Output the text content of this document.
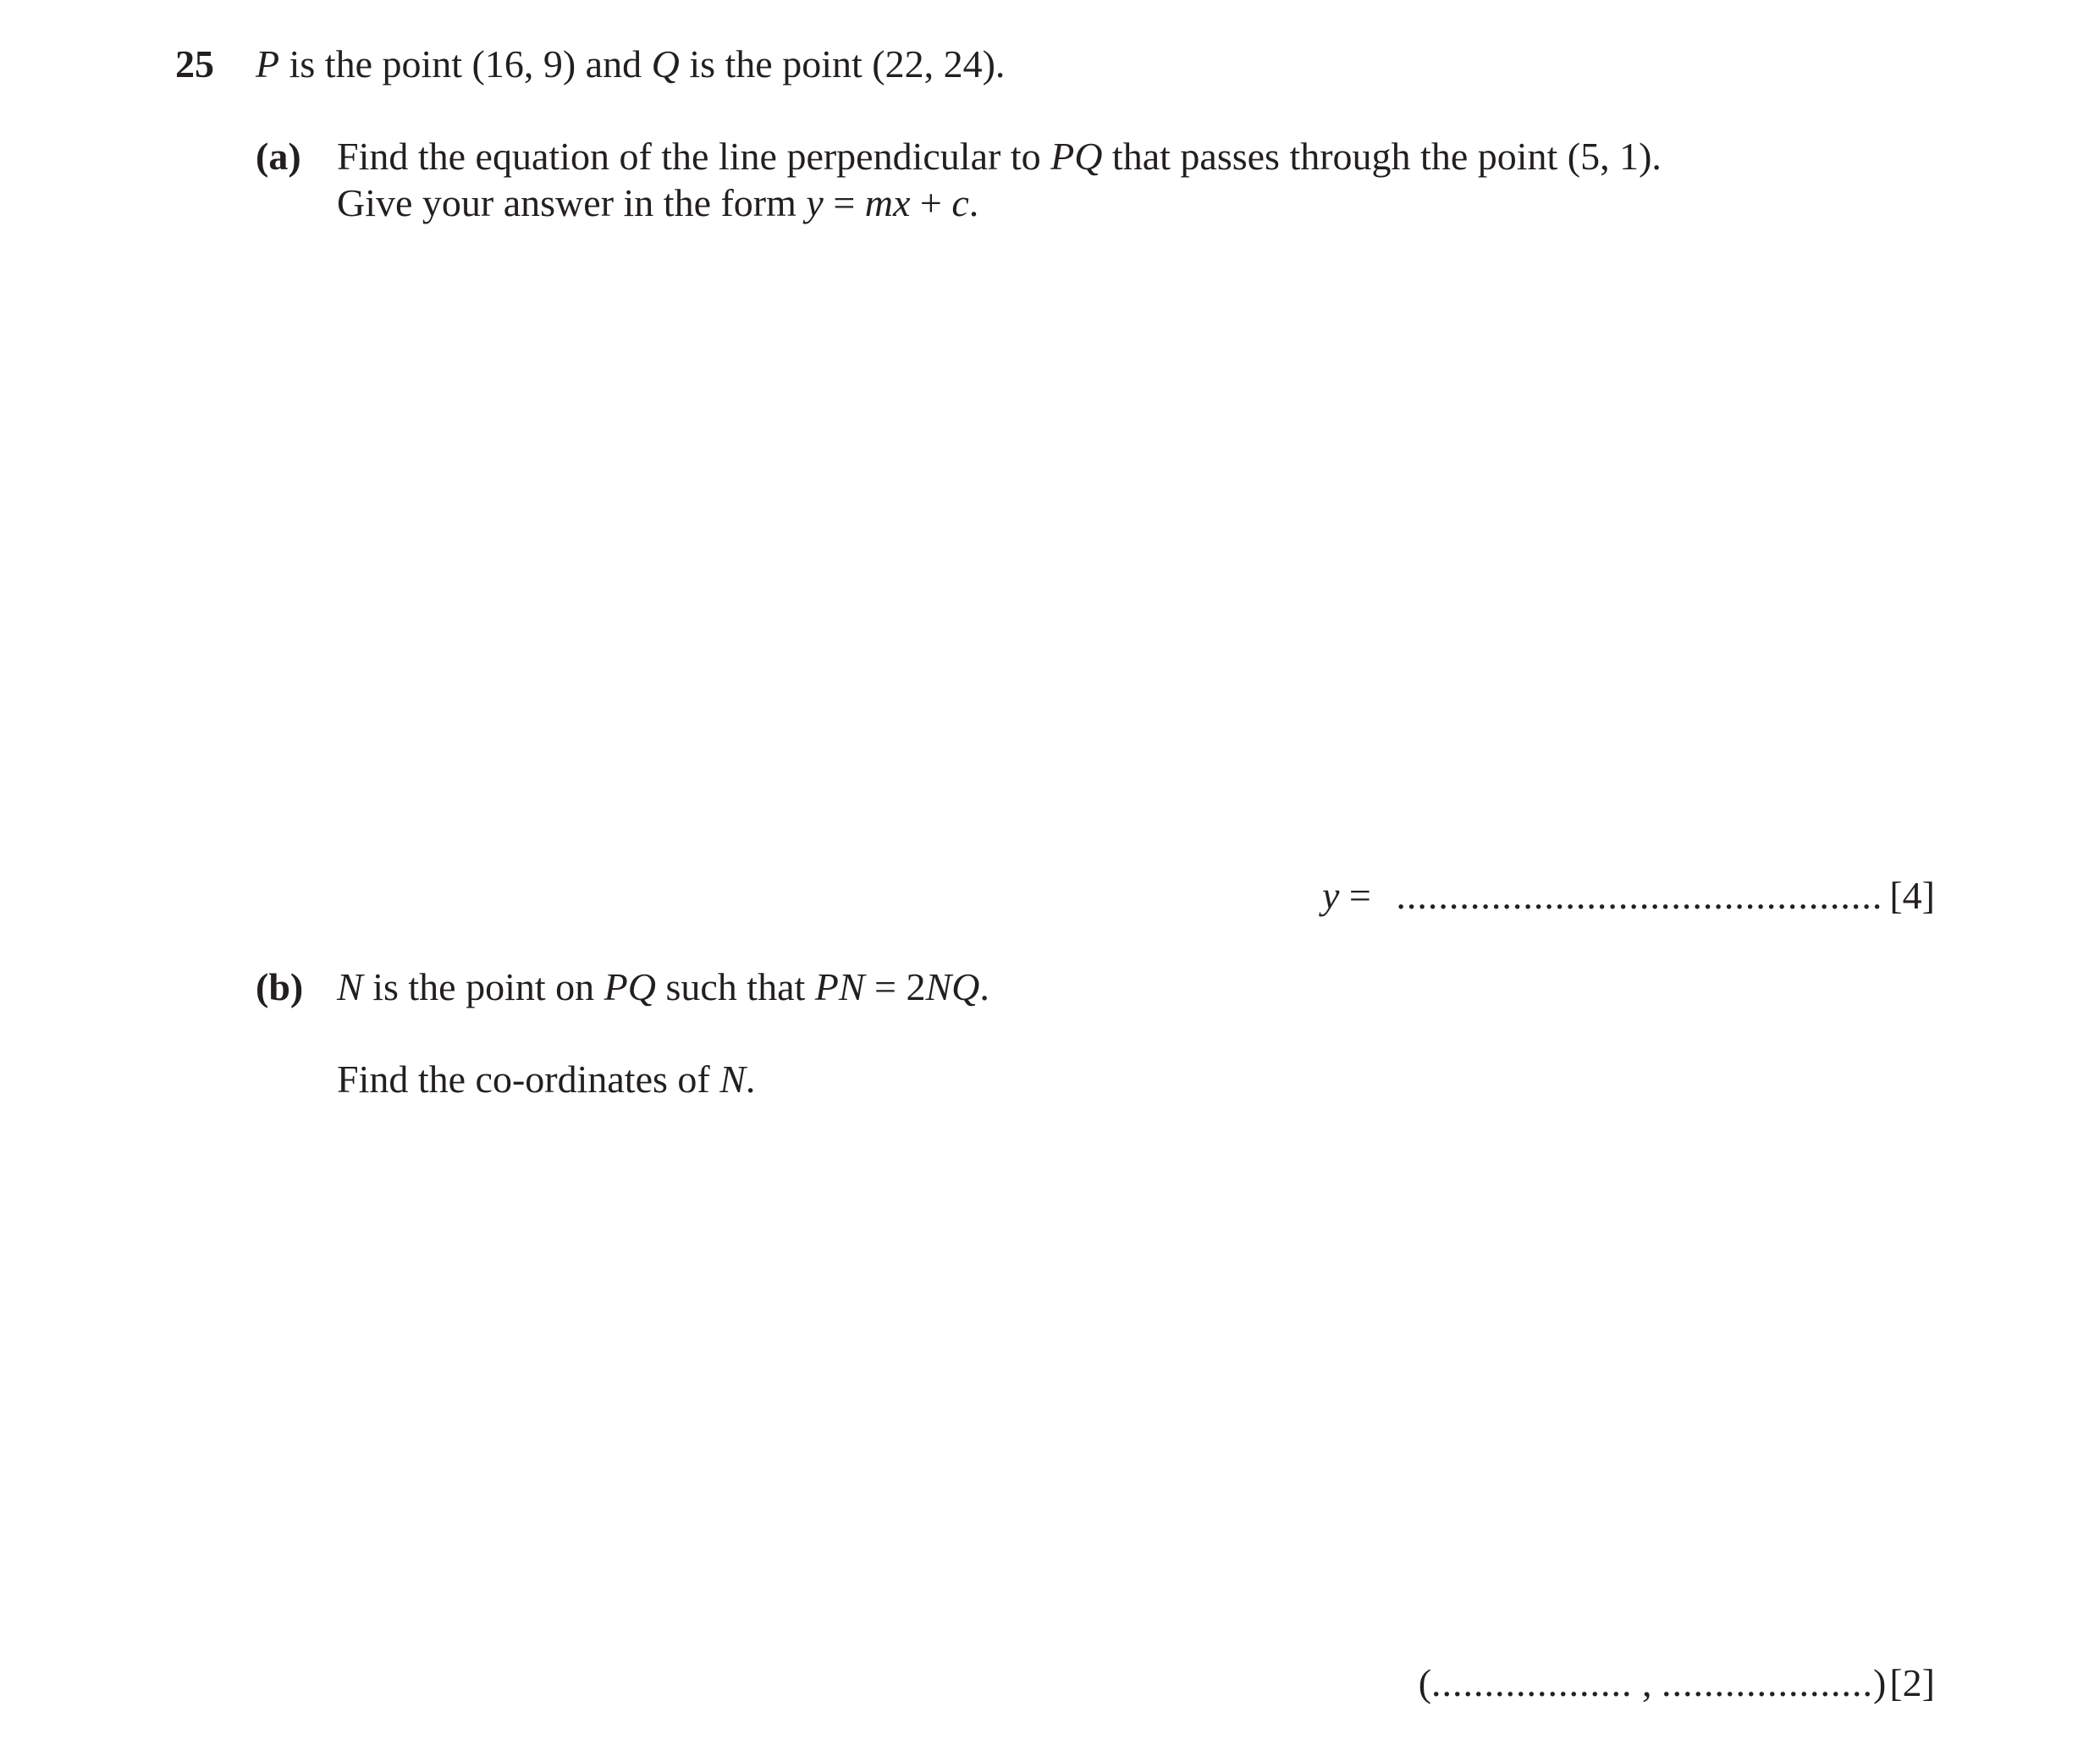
25 P is the point (16, 9) and Q is the point (22, 24).
(a) Find the equation of the line perpendicular to PQ that passes through the point (5, 1).
Give your answer in the form y = mx + c.
y = .............................................. [4]
(b) N is the point on PQ such that PN = 2NQ.
Find the co-ordinates of N.
(................... , ....................)[2]
